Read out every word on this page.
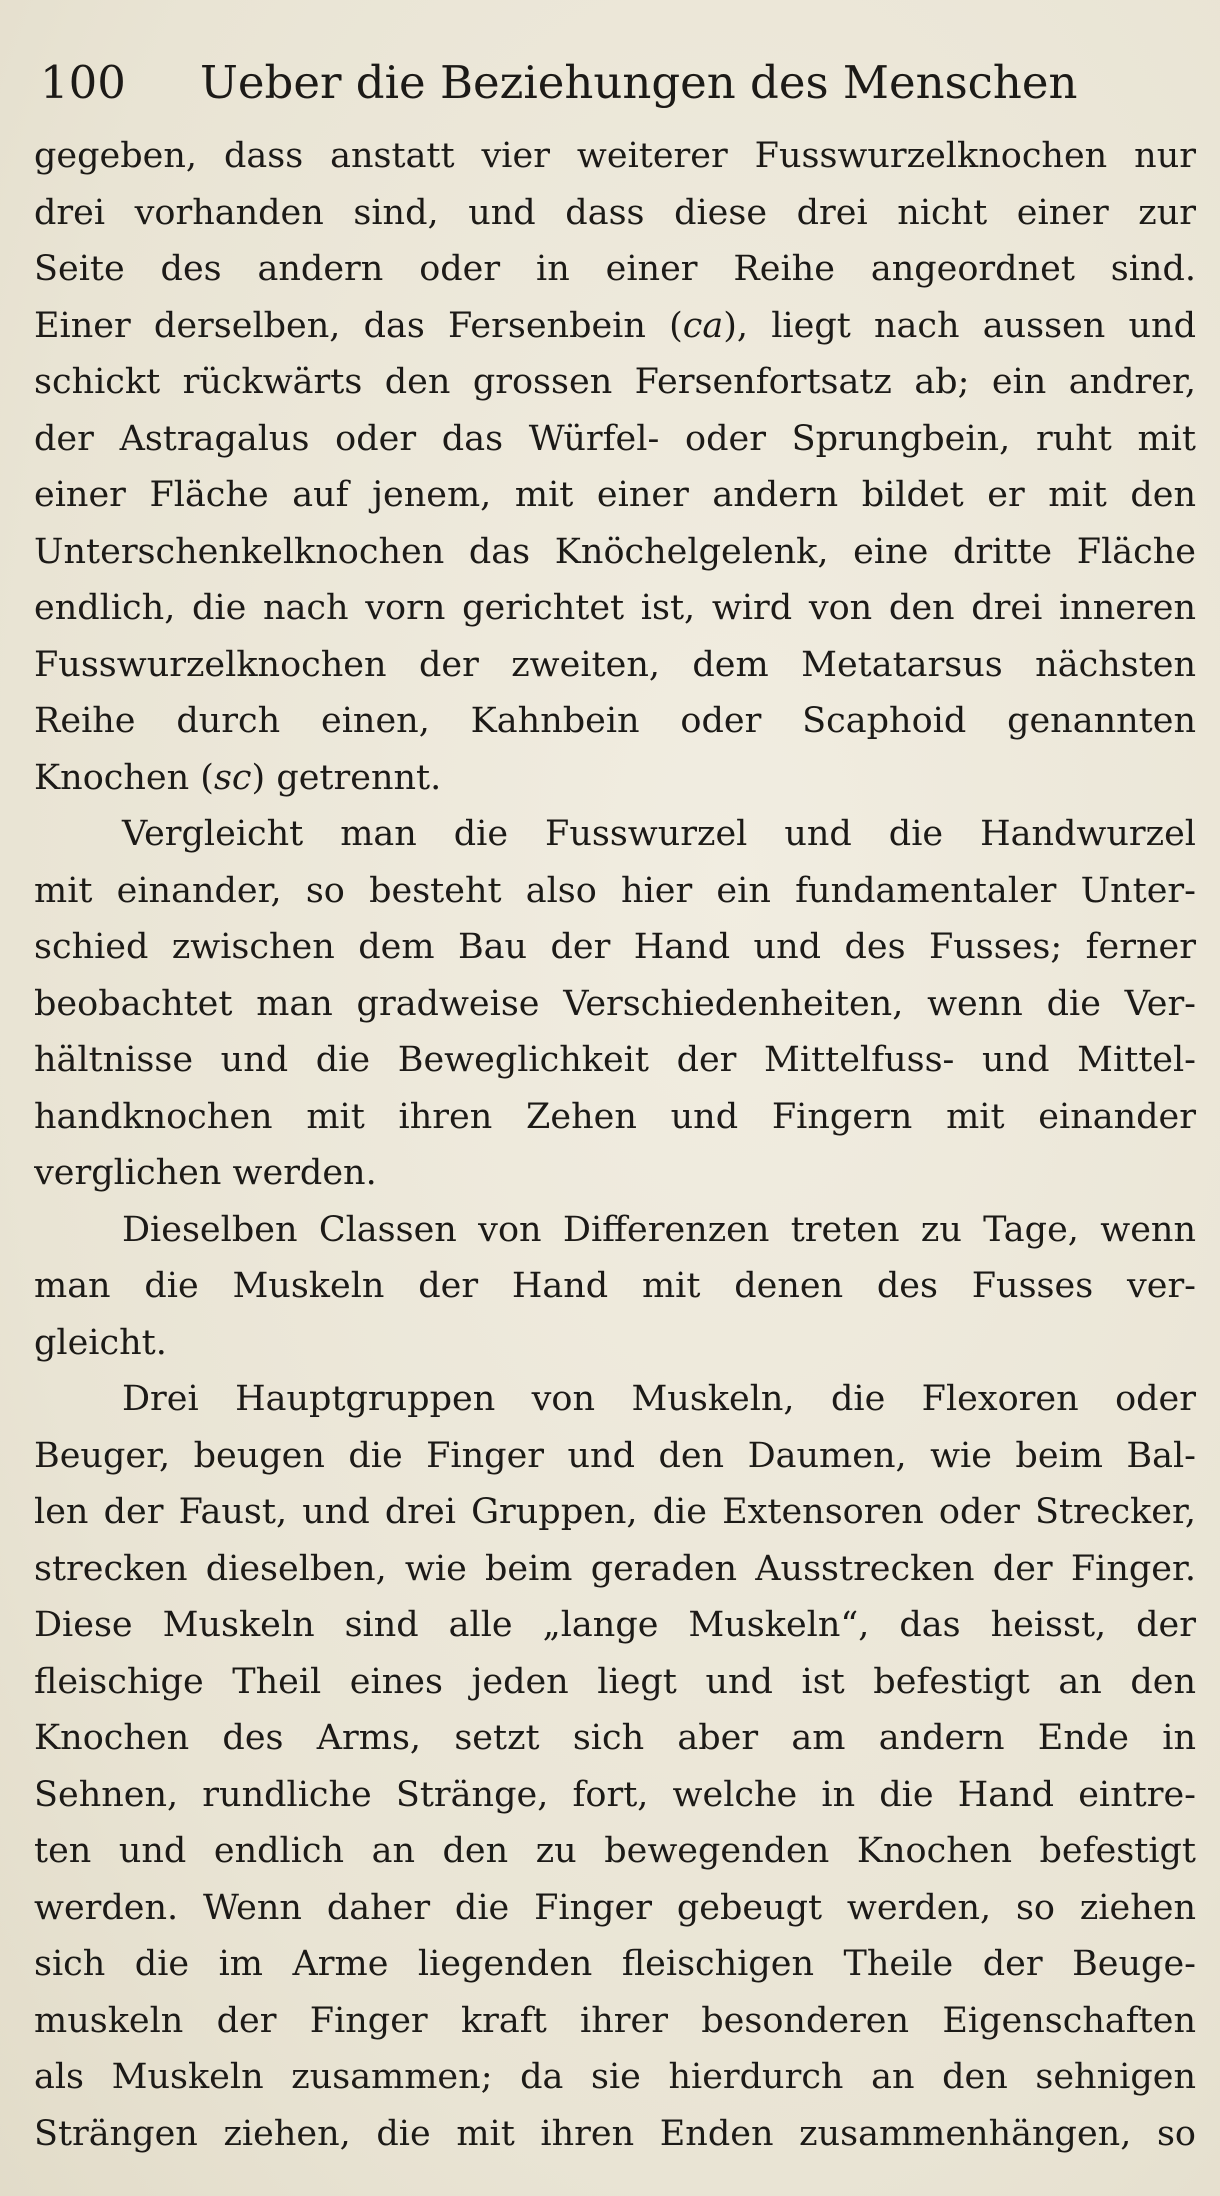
100 Ueber die Beziehungen des Menschen
gegeben, dass anstatt vier weiterer Fusswurzelknochen nur
drei vorhanden sind, und dass diese drei nicht einer zur
Seite des andern oder in einer Reihe angeordnet sind.
Einer derselben, das Fersenbein (ca), liegt nach aussen und
schickt rückwärts den grossen Fersenfortsatz ab; ein andrer,
der Astragalus oder das Würfel- oder Sprungbein, ruht mit
einer Fläche auf jenem, mit einer andern bildet er mit den
Unterschenkelknochen das Knöchelgelenk, eine dritte Fläche
endlich, die nach vorn gerichtet ist, wird von den drei inneren
Fusswurzelknochen der zweiten, dem Metatarsus nächsten
Reihe durch einen, Kahnbein oder Scaphoid genannten
Knochen (sc) getrennt.
Vergleicht man die Fusswurzel und die Handwurzel
mit einander, so besteht also hier ein fundamentaler Unter-
schied zwischen dem Bau der Hand und des Fusses; ferner
beobachtet man gradweise Verschiedenheiten, wenn die Ver-
hältnisse und die Beweglichkeit der Mittelfuss- und Mittel-
handknochen mit ihren Zehen und Fingern mit einander
verglichen werden.
Dieselben Classen von Differenzen treten zu Tage, wenn
man die Muskeln der Hand mit denen des Fusses ver-
gleicht.
Drei Hauptgruppen von Muskeln, die Flexoren oder
Beuger, beugen die Finger und den Daumen, wie beim Bal-
len der Faust, und drei Gruppen, die Extensoren oder Strecker,
strecken dieselben, wie beim geraden Ausstrecken der Finger.
Diese Muskeln sind alle „lange Muskeln“, das heisst, der
fleischige Theil eines jeden liegt und ist befestigt an den
Knochen des Arms, setzt sich aber am andern Ende in
Sehnen, rundliche Stränge, fort, welche in die Hand eintre-
ten und endlich an den zu bewegenden Knochen befestigt
werden. Wenn daher die Finger gebeugt werden, so ziehen
sich die im Arme liegenden fleischigen Theile der Beuge-
muskeln der Finger kraft ihrer besonderen Eigenschaften
als Muskeln zusammen; da sie hierdurch an den sehnigen
Strängen ziehen, die mit ihren Enden zusammenhängen, so
